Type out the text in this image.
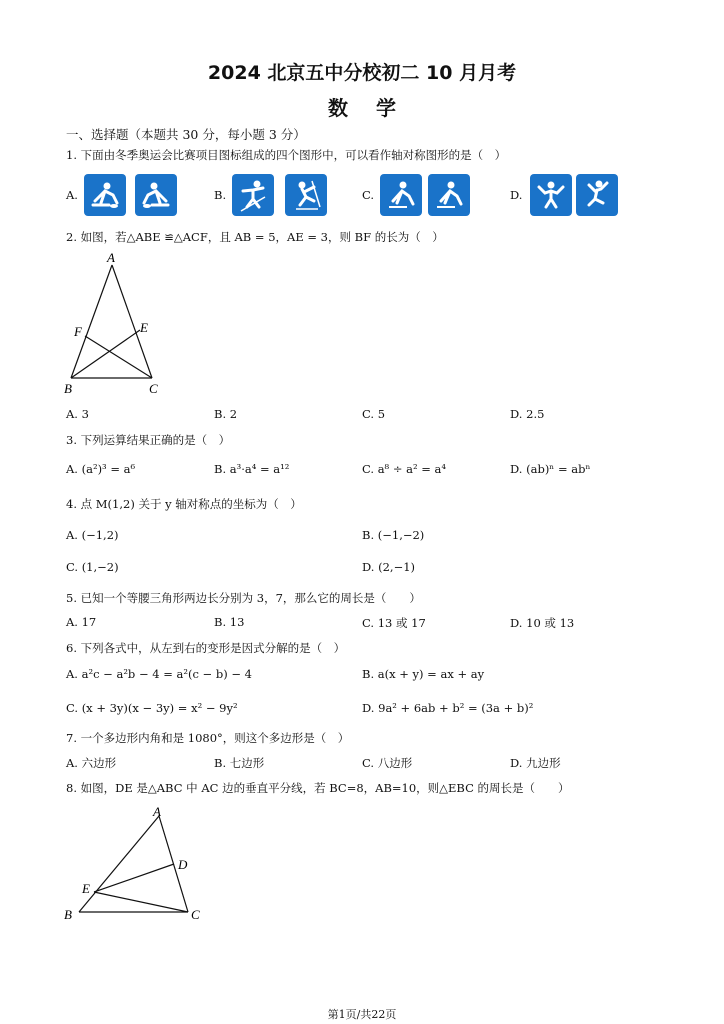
2024 北京五中分校初二 10 月月考
数学
一、选择题（本题共 30 分，每小题 3 分）
1. 下面由冬季奥运会比赛项目图标组成的四个图形中，可以看作轴对称图形的是（　）
A.	B.	C.	D.
2. 如图，若△ABE ≌△ACF，且 AB = 5，AE = 3，则 BF 的长为（　）
A
F	E
B	C
A. 3	B. 2	C. 5	D. 2.5
3. 下列运算结果正确的是（　）
A. (a²)³ = a⁶	B. a³·a⁴ = a¹²	C. a⁸ ÷ a² = a⁴	D. (ab)ⁿ = abⁿ
4. 点 M(1,2) 关于 y 轴对称点的坐标为（　）
A. (−1,2)	B. (−1,−2)
C. (1,−2)	D. (2,−1)
5. 已知一个等腰三角形两边长分别为 3，7，那么它的周长是（　　）
A. 17	B. 13	C. 13 或 17	D. 10 或 13
6. 下列各式中，从左到右的变形是因式分解的是（　）
A. a²c − a²b − 4 = a²(c − b) − 4	B. a(x + y) = ax + ay
C. (x + 3y)(x − 3y) = x² − 9y²	D. 9a² + 6ab + b² = (3a + b)²
7. 一个多边形内角和是 1080°，则这个多边形是（　）
A. 六边形	B. 七边形	C. 八边形	D. 九边形
8. 如图，DE 是△ABC 中 AC 边的垂直平分线，若 BC=8，AB=10，则△EBC 的周长是（　　）
A
D
E
B	C
第1页/共22页
